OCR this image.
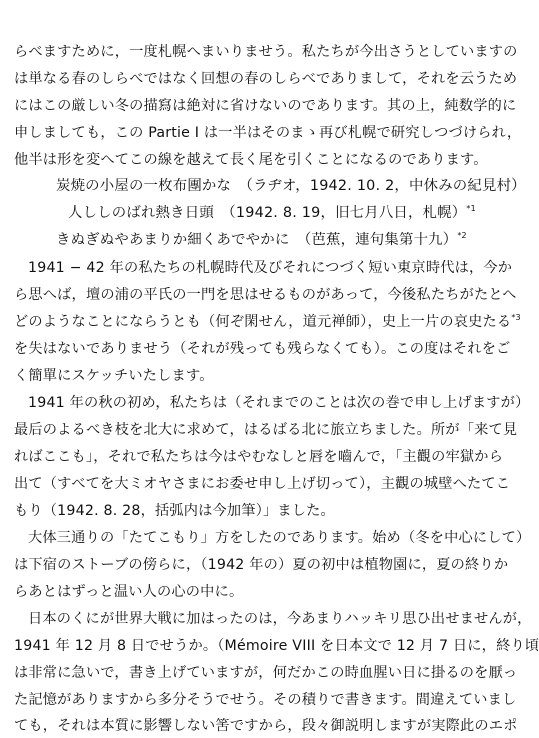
らべますために，一度札幌へまいりませう。私たちが今出さうとしていますの
は単なる春のしらべではなく回想の春のしらべでありまして，それを云うため
にはこの厳しい冬の描寫は絶対に省けないのであります。其の上，純数学的に
申しましても，この Partie I は一半はそのまゝ再び札幌で研究しつづけられ，
他半は形を変へてこの線を越えて長く尾を引くことになるのであります。
炭焼の小屋の一枚布團かな　（ラヂオ，1942. 10. 2，中休みの紀見村）
人ししのばれ熱き日頭　（1942. 8. 19，旧七月八日，札幌）$^{*1}$
きぬぎぬやあまりか細くあでやかに　（芭蕉，連句集第十九）$^{*2}$
1941 − 42 年の私たちの札幌時代及びそれにつづく短い東京時代は，今か
ら思へば，壇の浦の平氏の一門を思はせるものがあって，今後私たちがたとへ
どのようなことにならうとも（何ぞ閑せん，道元禅師），史上一片の哀史たる$^{*3}$
を失はないでありませう（それが残っても残らなくても）。この度はそれをご
く簡單にスケッチいたします。
1941 年の秋の初め，私たちは（それまでのことは次の巻で申し上げますが）
最后のよるべき枝を北大に求めて，はるばる北に旅立ちました。所が「来て見
ればここも」，それで私たちは今はやむなしと唇を嚙んで，「主觀の牢獄から
出て（すべてを大ミオヤさまにお委せ申し上げ切って），主觀の城壁へたてこ
もり（1942. 8. 28，括弧内は今加筆）」ました。
大体三通りの「たてこもり」方をしたのであります。始め（冬を中心にして）
は下宿のストーブの傍らに，（1942 年の）夏の初中は植物園に，夏の終りか
らあとはずっと温い人の心の中に。
日本のくにが世界大戦に加はったのは，今あまりハッキリ思ひ出せませんが，
1941 年 12 月 8 日でせうか。（Mémoire VIII を日本文で 12 月 7 日に，終り頃
は非常に急いで，書き上げていますが，何だかこの時血腥い日に掛るのを厭っ
た記憶がありますから多分そうでせう。その積りで書きます。間違えていまし
ても，それは本質に影響しない筈ですから，段々御説明しますが実際此のエポ
